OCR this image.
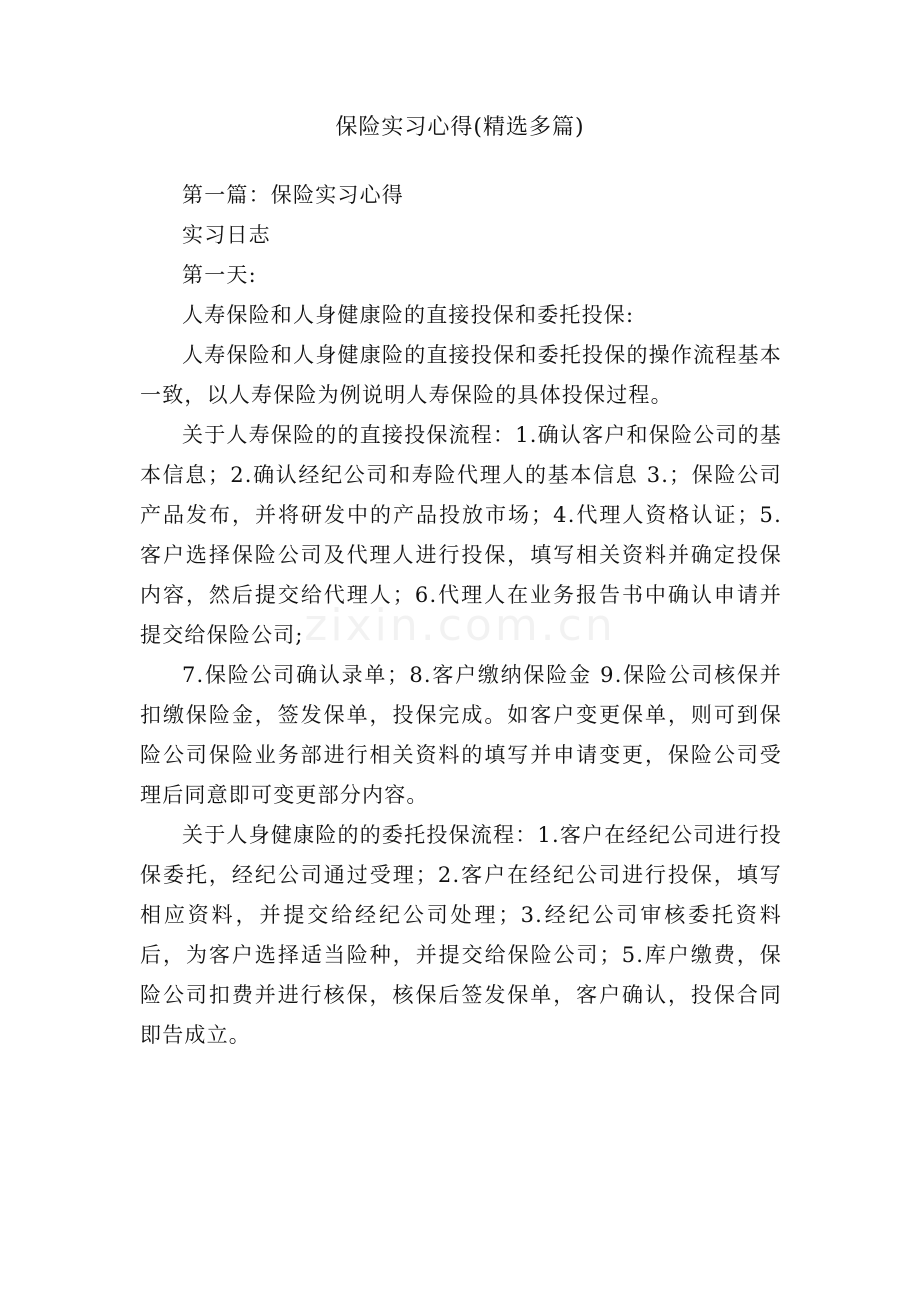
zixin.com.cn
保险实习心得(精选多篇)

第一篇：保险实习心得

实习日志

第一天:

人寿保险和人身健康险的直接投保和委托投保:

人寿保险和人身健康险的直接投保和委托投保的操作流程基本一致，以人寿保险为例说明人寿保险的具体投保过程。

关于人寿保险的的直接投保流程：1.确认客户和保险公司的基本信息；2.确认经纪公司和寿险代理人的基本信息 3.；保险公司产品发布，并将研发中的产品投放市场；4.代理人资格认证；5.客户选择保险公司及代理人进行投保，填写相关资料并确定投保内容，然后提交给代理人；6.代理人在业务报告书中确认申请并提交给保险公司;

7.保险公司确认录单；8.客户缴纳保险金 9.保险公司核保并扣缴保险金，签发保单，投保完成。如客户变更保单，则可到保险公司保险业务部进行相关资料的填写并申请变更，保险公司受理后同意即可变更部分内容。

关于人身健康险的的委托投保流程：1.客户在经纪公司进行投保委托，经纪公司通过受理；2.客户在经纪公司进行投保，填写相应资料，并提交给经纪公司处理；3.经纪公司审核委托资料后，为客户选择适当险种，并提交给保险公司；5.库户缴费，保险公司扣费并进行核保，核保后签发保单，客户确认，投保合同即告成立。
